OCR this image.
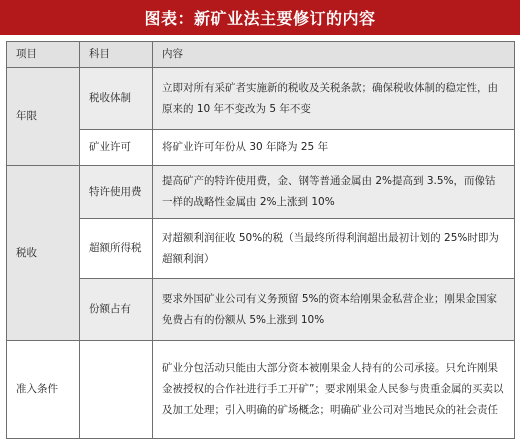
图表：新矿业法主要修订的内容
项目	科目	内容
年限	税收体制	立即对所有采矿者实施新的税收及关税条款；确保税收体制的稳定性，由原来的 10 年不变改为 5 年不变
	矿业许可	将矿业许可年份从 30 年降为 25 年
税收	特许使用费	提高矿产的特许使用费，金、钢等普通金属由 2%提高到 3.5%，而像钴一样的战略性金属由 2%上涨到 10%
	超额所得税	对超额利润征收 50%的税（当最终所得利润超出最初计划的 25%时即为超额利润）
	份额占有	要求外国矿业公司有义务预留 5%的资本给刚果金私营企业；刚果金国家免费占有的份额从 5%上涨到 10%
准入条件		矿业分包活动只能由大部分资本被刚果金人持有的公司承接。只允许刚果金被授权的合作社进行手工开矿”；要求刚果金人民参与贵重金属的买卖以及加工处理；引入明确的矿场概念；明确矿业公司对当地民众的社会责任
